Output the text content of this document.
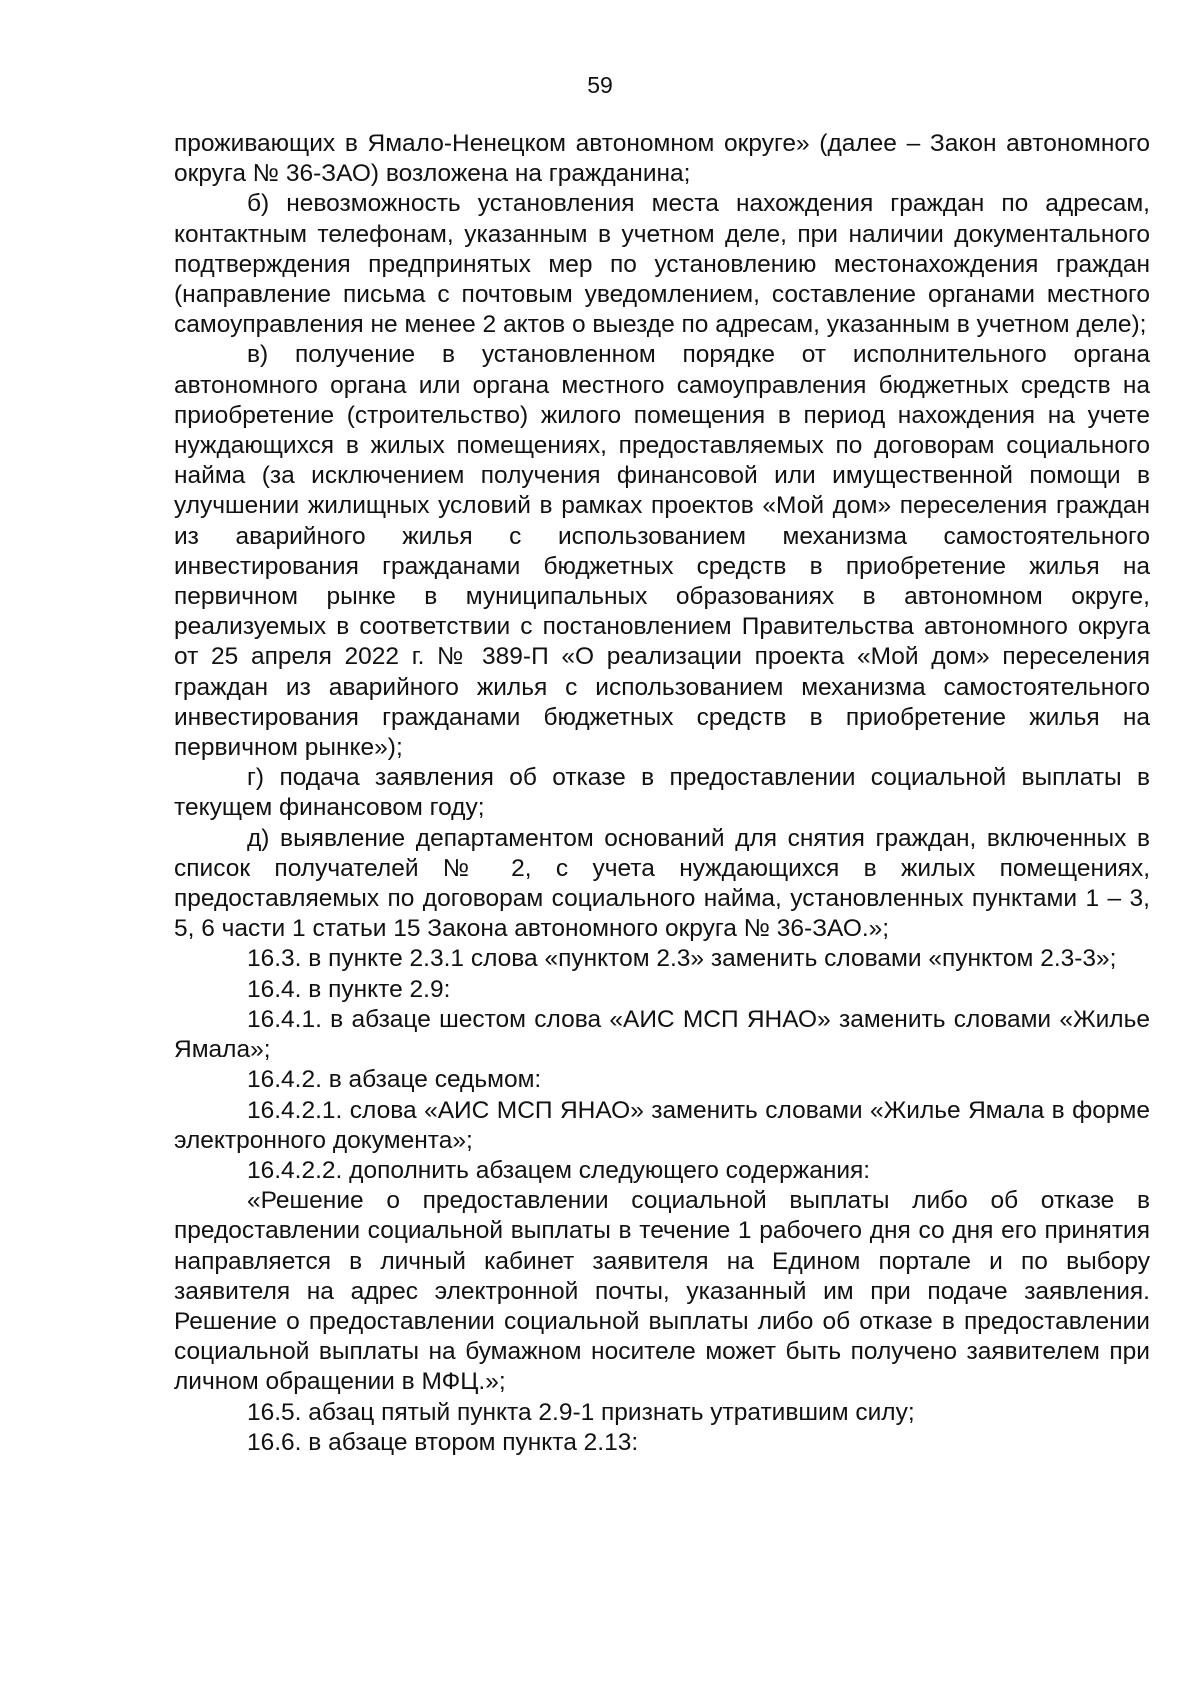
59

проживающих в Ямало-Ненецком автономном округе» (далее – Закон автономного округа № 36-ЗАО) возложена на гражданина;

б) невозможность установления места нахождения граждан по адресам, контактным телефонам, указанным в учетном деле, при наличии документального подтверждения предпринятых мер по установлению местонахождения граждан (направление письма с почтовым уведомлением, составление органами местного самоуправления не менее 2 актов о выезде по адресам, указанным в учетном деле);

в) получение в установленном порядке от исполнительного органа автономного органа или органа местного самоуправления бюджетных средств на приобретение (строительство) жилого помещения в период нахождения на учете нуждающихся в жилых помещениях, предоставляемых по договорам социального найма (за исключением получения финансовой или имущественной помощи в улучшении жилищных условий в рамках проектов «Мой дом» переселения граждан из аварийного жилья с использованием механизма самостоятельного инвестирования гражданами бюджетных средств в приобретение жилья на первичном рынке в муниципальных образованиях в автономном округе, реализуемых в соответствии с постановлением Правительства автономного округа от 25 апреля 2022 г. № 389-П «О реализации проекта «Мой дом» переселения граждан из аварийного жилья с использованием механизма самостоятельного инвестирования гражданами бюджетных средств в приобретение жилья на первичном рынке»);

г) подача заявления об отказе в предоставлении социальной выплаты в текущем финансовом году;

д) выявление департаментом оснований для снятия граждан, включенных в список получателей № 2, с учета нуждающихся в жилых помещениях, предоставляемых по договорам социального найма, установленных пунктами 1 – 3, 5, 6 части 1 статьи 15 Закона автономного округа № 36-ЗАО.»;

16.3. в пункте 2.3.1 слова «пунктом 2.3» заменить словами «пунктом 2.3-3»;

16.4. в пункте 2.9:

16.4.1. в абзаце шестом слова «АИС МСП ЯНАО» заменить словами «Жилье Ямала»;

16.4.2. в абзаце седьмом:

16.4.2.1. слова «АИС МСП ЯНАО» заменить словами «Жилье Ямала в форме электронного документа»;

16.4.2.2. дополнить абзацем следующего содержания:

«Решение о предоставлении социальной выплаты либо об отказе в предоставлении социальной выплаты в течение 1 рабочего дня со дня его принятия направляется в личный кабинет заявителя на Едином портале и по выбору заявителя на адрес электронной почты, указанный им при подаче заявления. Решение о предоставлении социальной выплаты либо об отказе в предоставлении социальной выплаты на бумажном носителе может быть получено заявителем при личном обращении в МФЦ.»;

16.5. абзац пятый пункта 2.9-1 признать утратившим силу;

16.6. в абзаце втором пункта 2.13:
